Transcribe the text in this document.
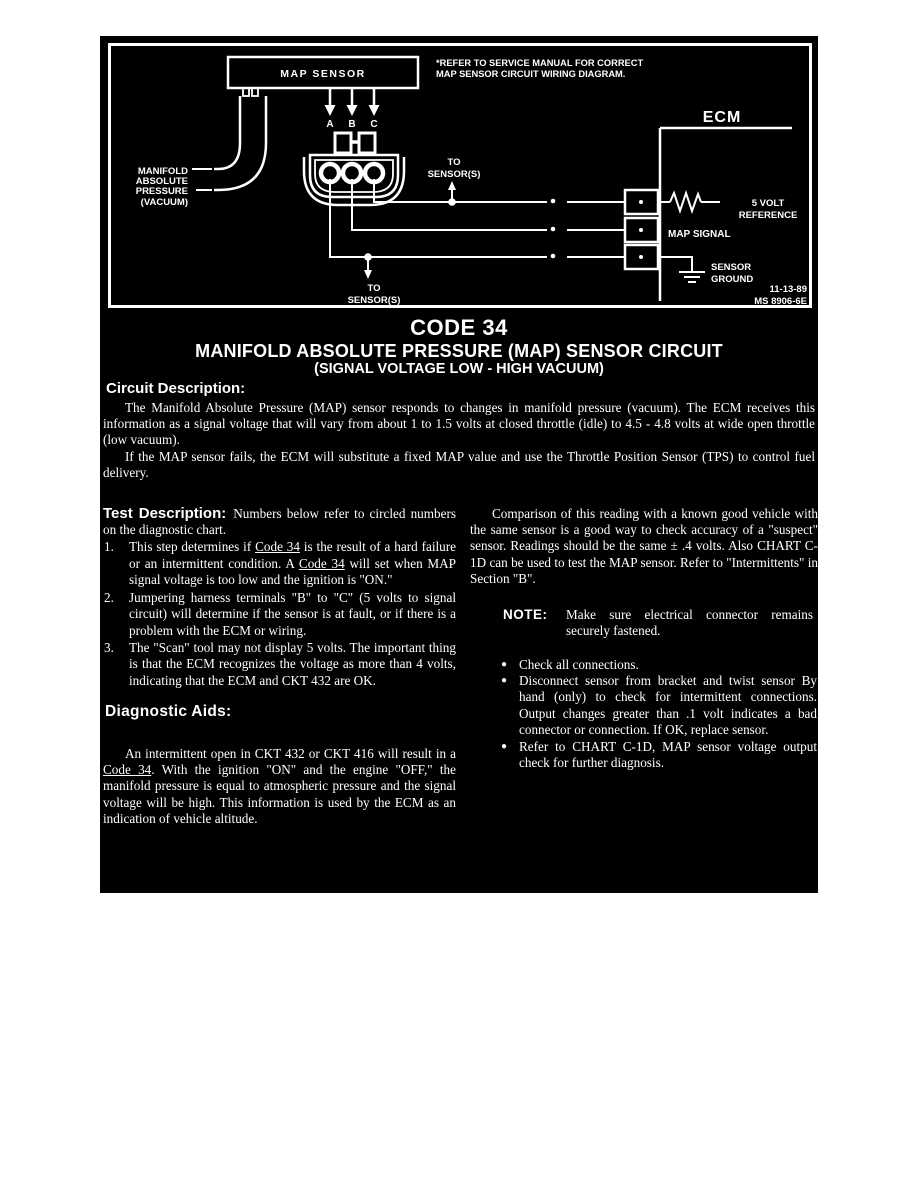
MAP SENSOR
*REFER TO SERVICE MANUAL FOR CORRECT
MAP SENSOR CIRCUIT WIRING DIAGRAM.
MANIFOLD
ABSOLUTE
PRESSURE
(VACUUM)
A B C
TO
SENSOR(S)
TO
SENSOR(S)
ECM
5 VOLT
REFERENCE
MAP SIGNAL
SENSOR
GROUND
11-13-89
MS 8906-6E
CODE 34
MANIFOLD ABSOLUTE PRESSURE (MAP) SENSOR CIRCUIT
(SIGNAL VOLTAGE LOW - HIGH VACUUM)
Circuit Description:

The Manifold Absolute Pressure (MAP) sensor responds to changes in manifold pressure (vacuum). The ECM receives this information as a signal voltage that will vary from about 1 to 1.5 volts at closed throttle (idle) to 4.5 - 4.8 volts at wide open throttle (low vacuum).

If the MAP sensor fails, the ECM will substitute a fixed MAP value and use the Throttle Position Sensor (TPS) to control fuel delivery.

Test Description: Numbers below refer to circled numbers on the diagnostic chart.
1.	This step determines if Code 34 is the result of a hard failure or an intermittent condition. A Code 34 will set when MAP signal voltage is too low and the ignition is "ON."
2.	Jumpering harness terminals "B" to "C" (5 volts to signal circuit) will determine if the sensor is at fault, or if there is a problem with the ECM or wiring.
3.	The "Scan" tool may not display 5 volts. The important thing is that the ECM recognizes the voltage as more than 4 volts, indicating that the ECM and CKT 432 are OK.
Diagnostic Aids:

An intermittent open in CKT 432 or CKT 416 will result in a Code 34. With the ignition "ON" and the engine "OFF," the manifold pressure is equal to atmospheric pressure and the signal voltage will be high. This information is used by the ECM as an indication of vehicle altitude.

Comparison of this reading with a known good vehicle with the same sensor is a good way to check accuracy of a "suspect" sensor. Readings should be the same ± .4 volts. Also CHART C-1D can be used to test the MAP sensor. Refer to "Intermittents" in Section "B".

NOTE:	Make sure electrical connector remains securely fastened.
● Check all connections.
● Disconnect sensor from bracket and twist sensor By hand (only) to check for intermittent connections. Output changes greater than .1 volt indicates a bad connector or connection. If OK, replace sensor.
● Refer to CHART C-1D, MAP sensor voltage output check for further diagnosis.
